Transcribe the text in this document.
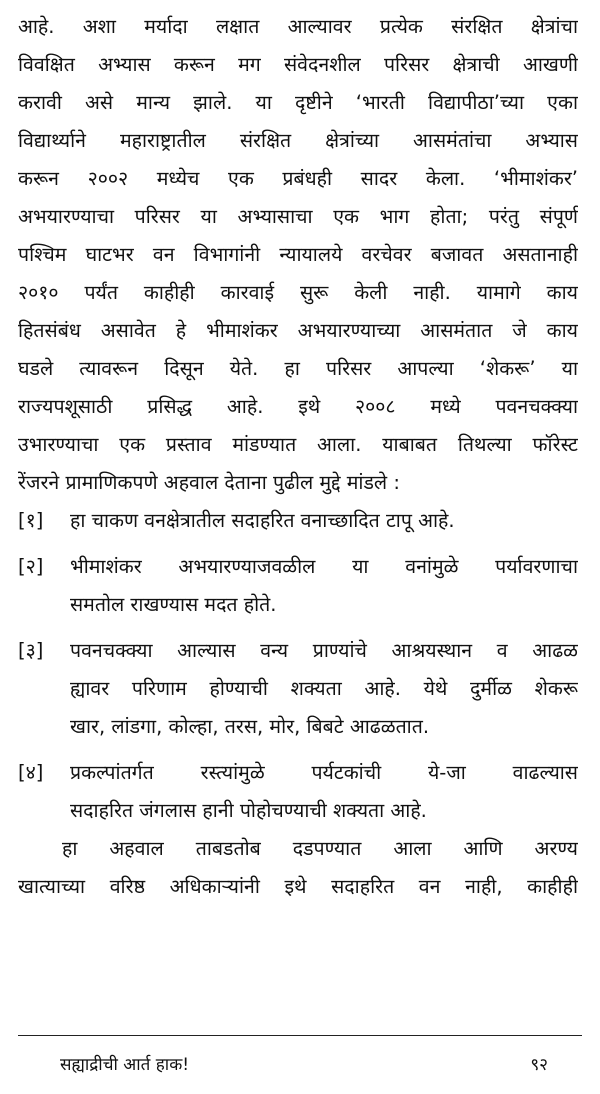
आहे. अशा मर्यादा लक्षात आल्यावर प्रत्येक संरक्षित क्षेत्रांचा
विवक्षित अभ्यास करून मग संवेदनशील परिसर क्षेत्राची आखणी
करावी असे मान्य झाले. या दृष्टीने ‘भारती विद्यापीठा’च्या एका
विद्यार्थ्याने महाराष्ट्रातील संरक्षित क्षेत्रांच्या आसमंतांचा अभ्यास
करून २००२ मध्येच एक प्रबंधही सादर केला. ‘भीमाशंकर’
अभयारण्याचा परिसर या अभ्यासाचा एक भाग होता; परंतु संपूर्ण
पश्चिम घाटभर वन विभागांनी न्यायालये वरचेवर बजावत असतानाही
२०१० पर्यंत काहीही कारवाई सुरू केली नाही. यामागे काय
हितसंबंध असावेत हे भीमाशंकर अभयारण्याच्या आसमंतात जे काय
घडले त्यावरून दिसून येते. हा परिसर आपल्या ‘शेकरू’ या
राज्यपशूसाठी प्रसिद्ध आहे. इथे २००८ मध्ये पवनचक्क्या
उभारण्याचा एक प्रस्ताव मांडण्यात आला. याबाबत तिथल्या फॉरेस्ट
रेंजरने प्रामाणिकपणे अहवाल देताना पुढील मुद्दे मांडले :
[१]	हा चाकण वनक्षेत्रातील सदाहरित वनाच्छादित टापू आहे.
[२]	भीमाशंकर अभयारण्याजवळील या वनांमुळे पर्यावरणाचा
समतोल राखण्यास मदत होते.
[३]	पवनचक्क्या आल्यास वन्य प्राण्यांचे आश्रयस्थान व आढळ
ह्यावर परिणाम होण्याची शक्यता आहे. येथे दुर्मीळ शेकरू
खार, लांडगा, कोल्हा, तरस, मोर, बिबटे आढळतात.
[४]	प्रकल्पांतर्गत रस्त्यांमुळे पर्यटकांची ये-जा वाढल्यास
सदाहरित जंगलास हानी पोहोचण्याची शक्यता आहे.
हा अहवाल ताबडतोब दडपण्यात आला आणि अरण्य
खात्याच्या वरिष्ठ अधिकाऱ्यांनी इथे सदाहरित वन नाही, काहीही
सह्याद्रीची आर्त हाक!	९२
